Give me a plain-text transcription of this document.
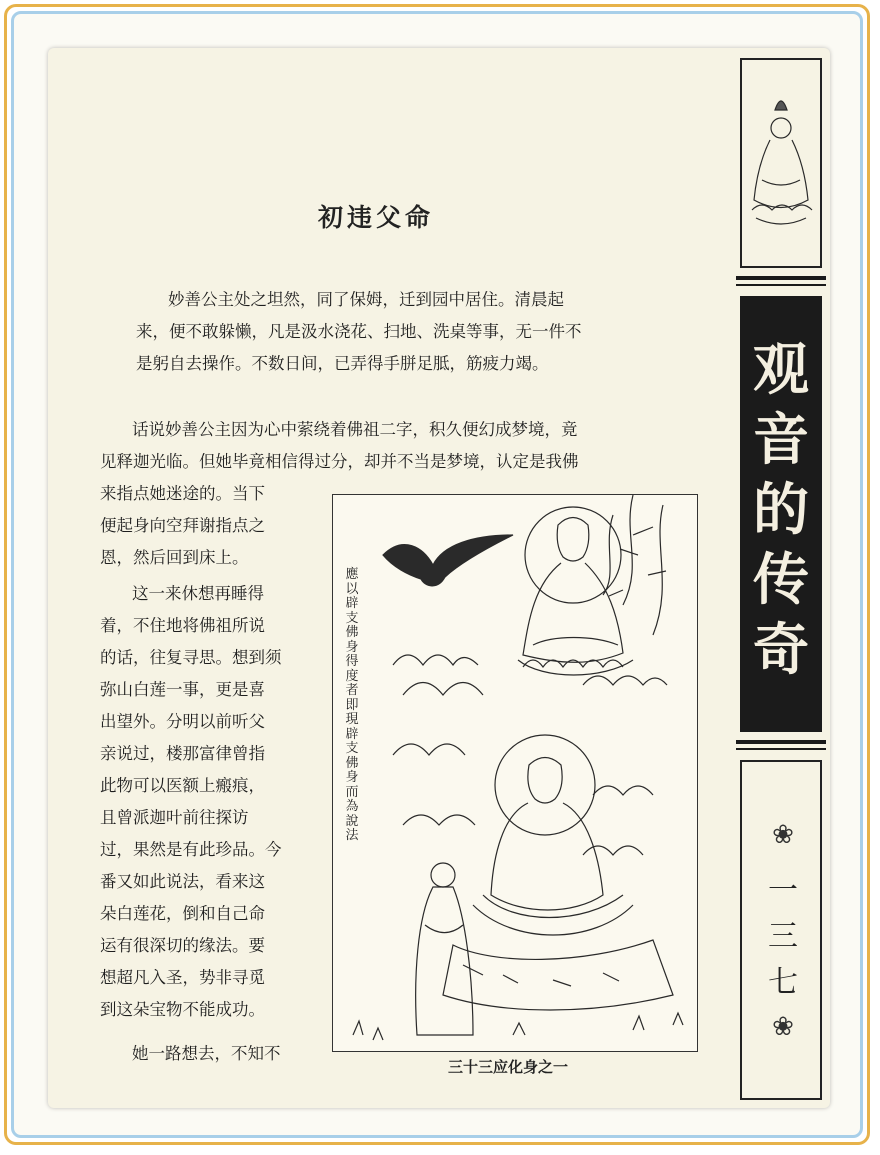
初违父命
妙善公主处之坦然，同了保姆，迁到园中居住。清晨起
来，便不敢躲懒，凡是汲水浇花、扫地、洗桌等事，无一件不
是躬自去操作。不数日间，已弄得手胼足胝，筋疲力竭。
话说妙善公主因为心中萦绕着佛祖二字，积久便幻成梦境，竟
见释迦光临。但她毕竟相信得过分，却并不当是梦境，认定是我佛
来指点她迷途的。当下
便起身向空拜谢指点之
恩，然后回到床上。
这一来休想再睡得
着，不住地将佛祖所说
的话，往复寻思。想到须
弥山白莲一事，更是喜
出望外。分明以前听父
亲说过，楼那富律曾指
此物可以医额上瘢痕，
且曾派迦叶前往探访
过，果然是有此珍品。今
番又如此说法，看来这
朵白莲花，倒和自己命
运有很深切的缘法。要
想超凡入圣，势非寻觅
到这朵宝物不能成功。
她一路想去，不知不
應以辟支佛身得度者即現辟支佛身而為說法
三十三应化身之一
观
音
的
传
奇
❀
一
三
七
❀
